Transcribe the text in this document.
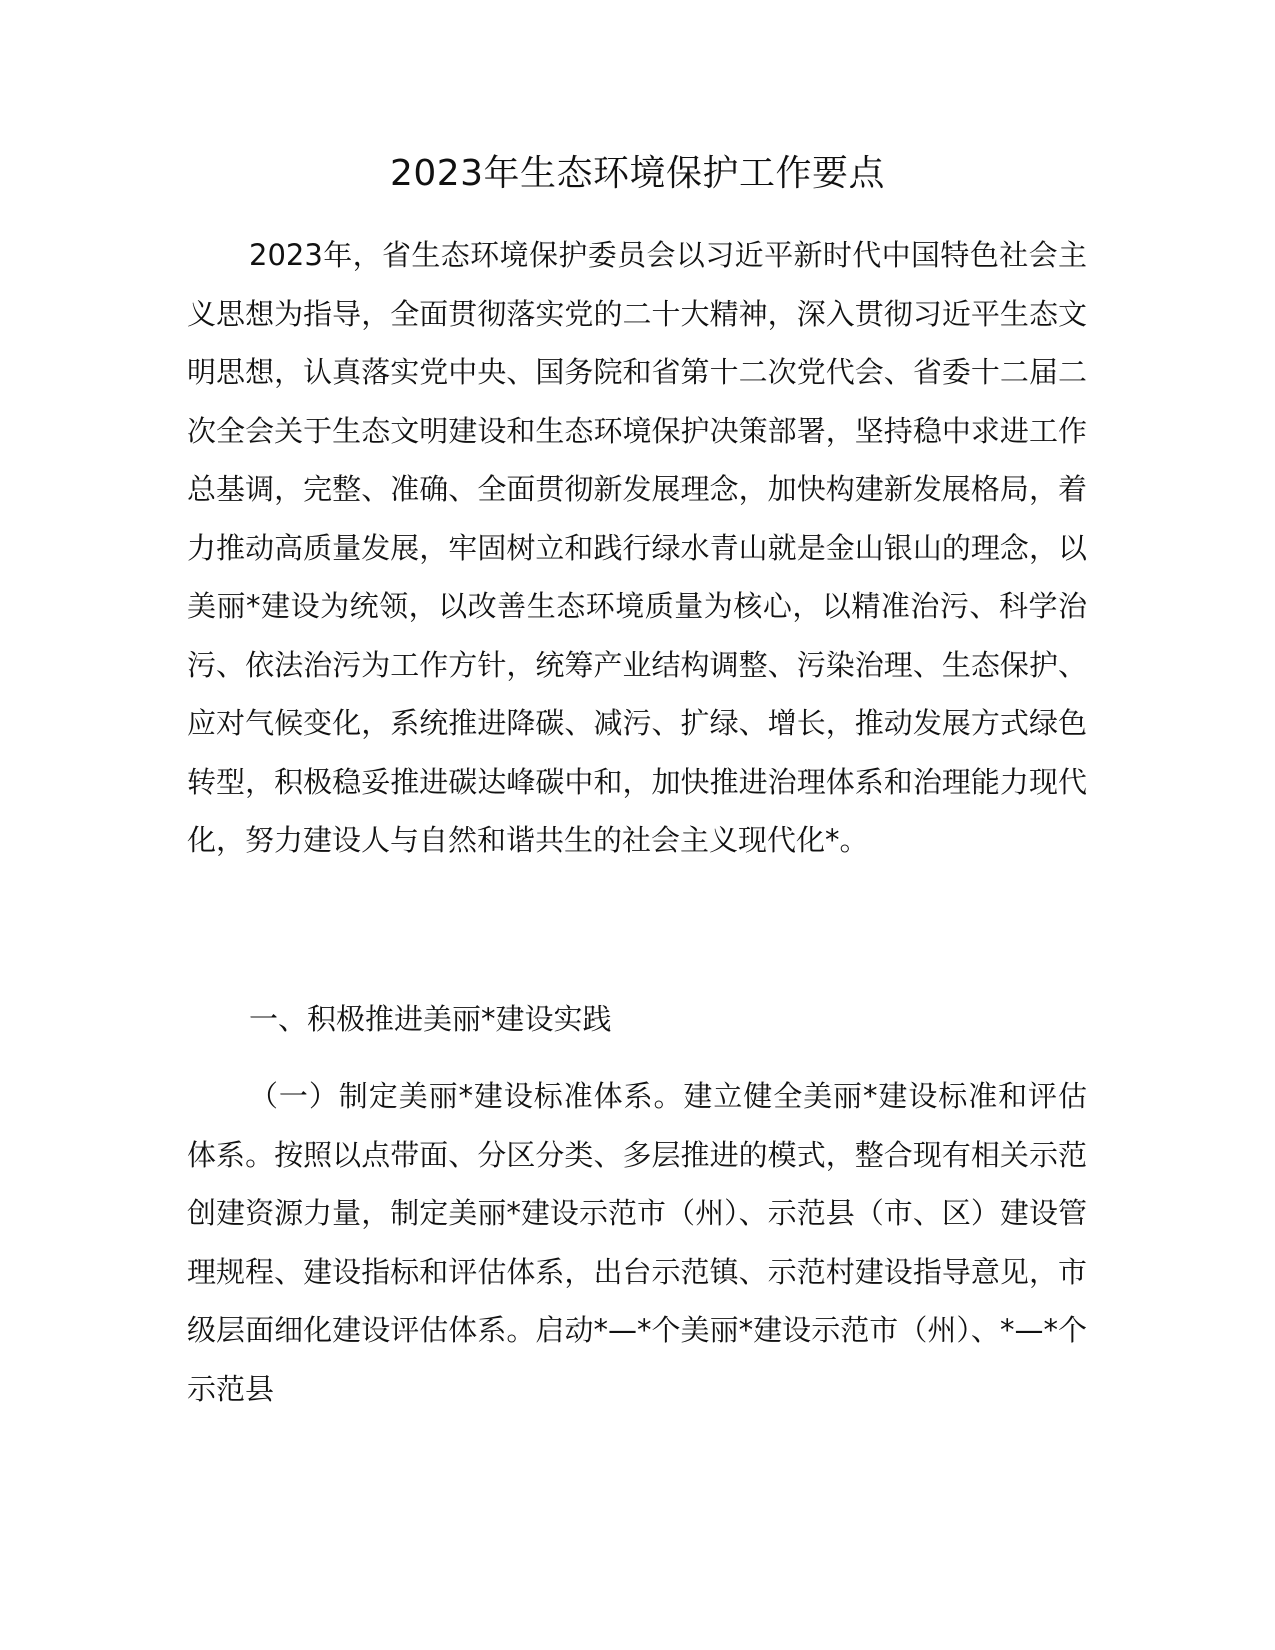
2023年生态环境保护工作要点

2023年，省生态环境保护委员会以习近平新时代中国特色社会主义思想为指导，全面贯彻落实党的二十大精神，深入贯彻习近平生态文明思想，认真落实党中央、国务院和省第十二次党代会、省委十二届二次全会关于生态文明建设和生态环境保护决策部署，坚持稳中求进工作总基调，完整、准确、全面贯彻新发展理念，加快构建新发展格局，着力推动高质量发展，牢固树立和践行绿水青山就是金山银山的理念，以美丽*建设为统领，以改善生态环境质量为核心，以精准治污、科学治污、依法治污为工作方针，统筹产业结构调整、污染治理、生态保护、应对气候变化，系统推进降碳、减污、扩绿、增长，推动发展方式绿色转型，积极稳妥推进碳达峰碳中和，加快推进治理体系和治理能力现代化，努力建设人与自然和谐共生的社会主义现代化*。

一、积极推进美丽*建设实践

（一）制定美丽*建设标准体系。建立健全美丽*建设标准和评估体系。按照以点带面、分区分类、多层推进的模式，整合现有相关示范创建资源力量，制定美丽*建设示范市（州）、示范县（市、区）建设管理规程、建设指标和评估体系，出台示范镇、示范村建设指导意见，市级层面细化建设评估体系。启动*—*个美丽*建设示范市（州）、*—*个示范县
